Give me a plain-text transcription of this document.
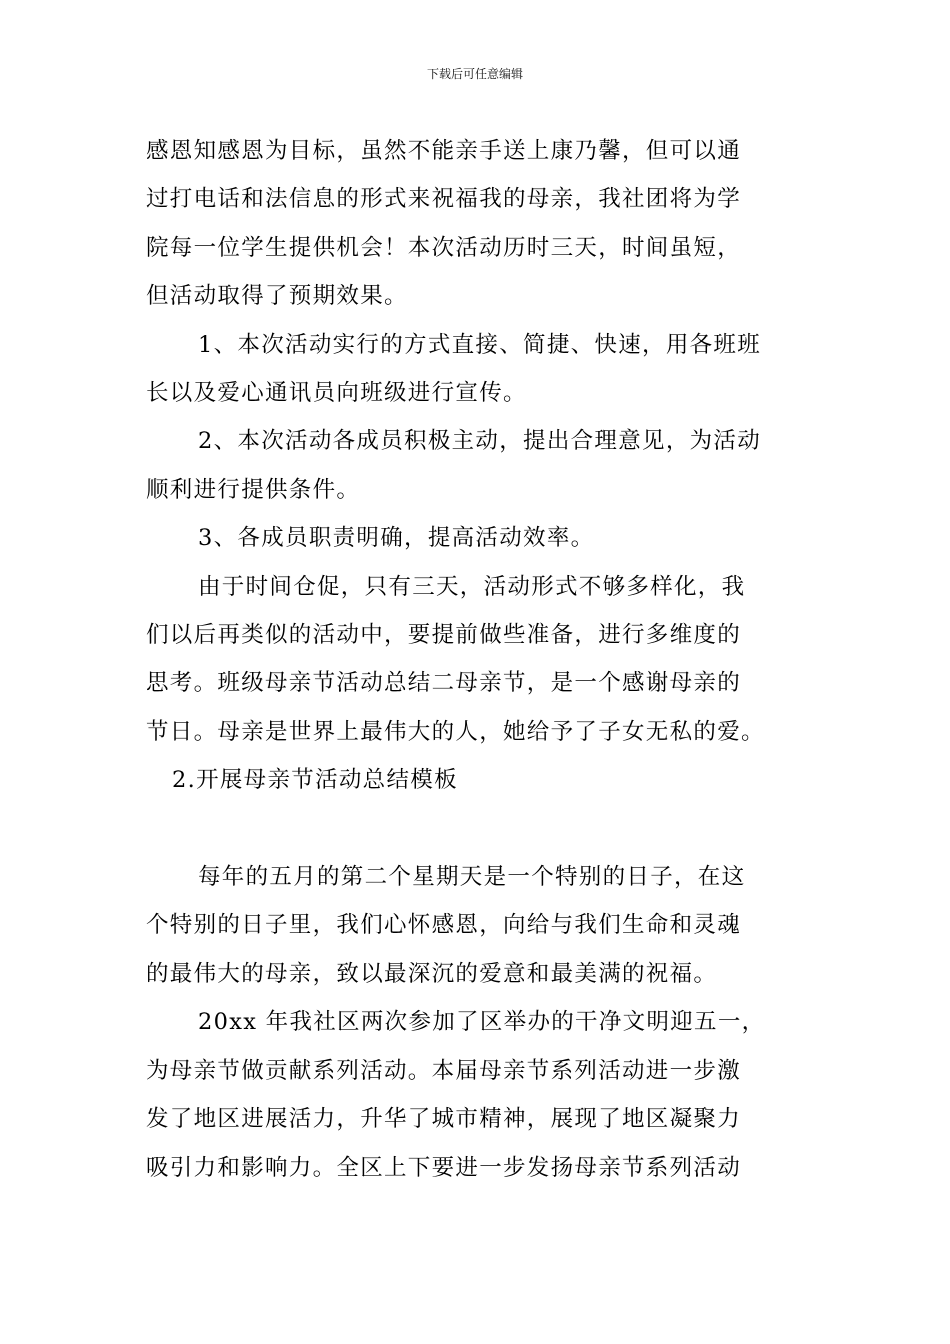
下载后可任意编辑

感恩知感恩为目标，虽然不能亲手送上康乃馨，但可以通

过打电话和法信息的形式来祝福我的母亲，我社团将为学

院每一位学生提供机会！本次活动历时三天，时间虽短，

但活动取得了预期效果。

1、本次活动实行的方式直接、简捷、快速，用各班班

长以及爱心通讯员向班级进行宣传。

2、本次活动各成员积极主动，提出合理意见，为活动

顺利进行提供条件。

3、各成员职责明确，提高活动效率。

由于时间仓促，只有三天，活动形式不够多样化，我

们以后再类似的活动中，要提前做些准备，进行多维度的

思考。班级母亲节活动总结二母亲节，是一个感谢母亲的

节日。母亲是世界上最伟大的人，她给予了子女无私的爱。

2.开展母亲节活动总结模板

每年的五月的第二个星期天是一个特别的日子，在这

个特别的日子里，我们心怀感恩，向给与我们生命和灵魂

的最伟大的母亲，致以最深沉的爱意和最美满的祝福。

20xx 年我社区两次参加了区举办的干净文明迎五一，

为母亲节做贡献系列活动。本届母亲节系列活动进一步激

发了地区进展活力，升华了城市精神，展现了地区凝聚力

吸引力和影响力。全区上下要进一步发扬母亲节系列活动
